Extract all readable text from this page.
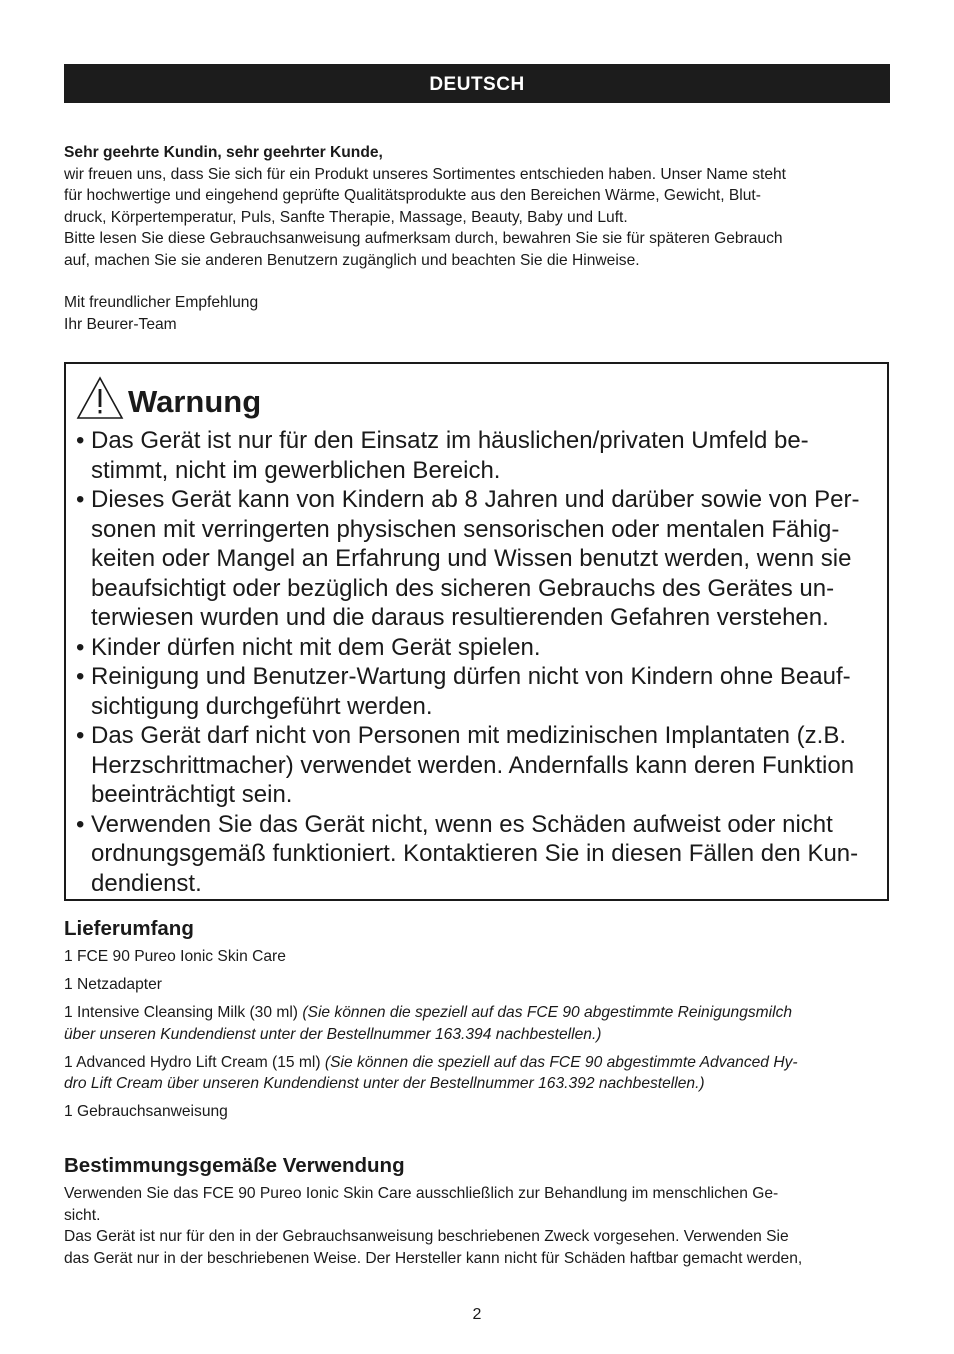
DEUTSCH

Sehr geehrte Kundin, sehr geehrter Kunde,

wir freuen uns, dass Sie sich für ein Produkt unseres Sortimentes entschieden haben. Unser Name steht

für hochwertige und eingehend geprüfte Qualitätsprodukte aus den Bereichen Wärme, Gewicht, Blut-

druck, Körpertemperatur, Puls, Sanfte Therapie, Massage, Beauty, Baby und Luft.

Bitte lesen Sie diese Gebrauchsanweisung aufmerksam durch, bewahren Sie sie für späteren Gebrauch

auf, machen Sie sie anderen Benutzern zugänglich und beachten Sie die Hinweise.

Mit freundlicher Empfehlung

Ihr Beurer-Team

Warnung
• Das Gerät ist nur für den Einsatz im häuslichen/privaten Umfeld be-
stimmt, nicht im gewerblichen Bereich.
• Dieses Gerät kann von Kindern ab 8 Jahren und darüber sowie von Per-
sonen mit verringerten physischen sensorischen oder mentalen Fähig-
keiten oder Mangel an Erfahrung und Wissen benutzt werden, wenn sie
beaufsichtigt oder bezüglich des sicheren Gebrauchs des Gerätes un-
terwiesen wurden und die daraus resultierenden Gefahren verstehen.
• Kinder dürfen nicht mit dem Gerät spielen.
• Reinigung und Benutzer-Wartung dürfen nicht von Kindern ohne Beauf-
sichtigung durchgeführt werden.
• Das Gerät darf nicht von Personen mit medizinischen Implantaten (z.B.
Herzschrittmacher) verwendet werden. Andernfalls kann deren Funktion
beeinträchtigt sein.
• Verwenden Sie das Gerät nicht, wenn es Schäden aufweist oder nicht
ordnungsgemäß funktioniert. Kontaktieren Sie in diesen Fällen den Kun-
dendienst.
Lieferumfang

1 FCE 90 Pureo Ionic Skin Care

1 Netzadapter

1 Intensive Cleansing Milk (30 ml) (Sie können die speziell auf das FCE 90 abgestimmte Reinigungsmilch
über unseren Kundendienst unter der Bestellnummer 163.394 nachbestellen.)

1 Advanced Hydro Lift Cream (15 ml) (Sie können die speziell auf das FCE 90 abgestimmte Advanced Hy-
dro Lift Cream über unseren Kundendienst unter der Bestellnummer 163.392 nachbestellen.)

1 Gebrauchsanweisung

Bestimmungsgemäße Verwendung

Verwenden Sie das FCE 90 Pureo Ionic Skin Care ausschließlich zur Behandlung im menschlichen Ge-

sicht.

Das Gerät ist nur für den in der Gebrauchsanweisung beschriebenen Zweck vorgesehen. Verwenden Sie

das Gerät nur in der beschriebenen Weise. Der Hersteller kann nicht für Schäden haftbar gemacht werden,

2
